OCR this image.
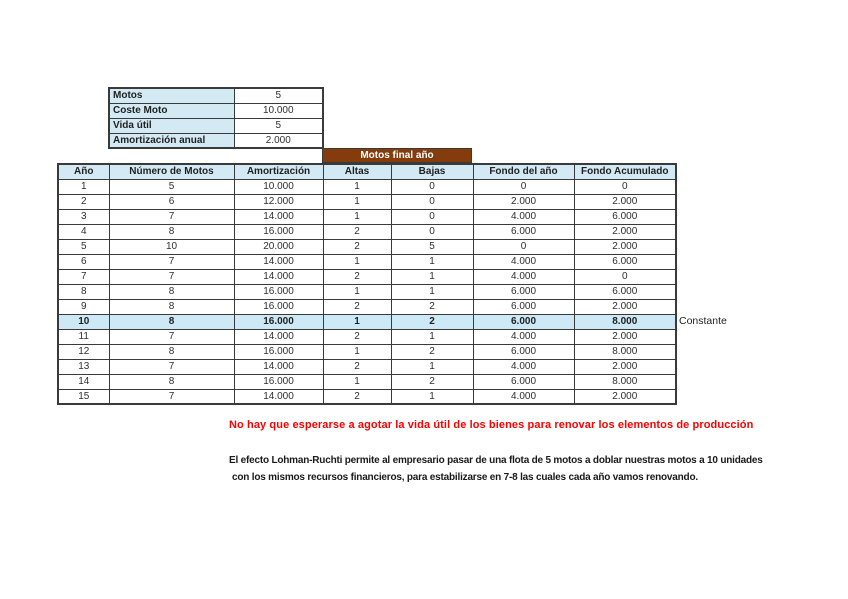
Motos	5
Coste Moto	10.000
Vida útil	5
Amortización anual	2.000
Motos final año
Año	Número de Motos	Amortización	Altas	Bajas	Fondo del año	Fondo Acumulado
1	5	10.000	1	0	0	0
2	6	12.000	1	0	2.000	2.000
3	7	14.000	1	0	4.000	6.000
4	8	16.000	2	0	6.000	2.000
5	10	20.000	2	5	0	2.000
6	7	14.000	1	1	4.000	6.000
7	7	14.000	2	1	4.000	0
8	8	16.000	1	1	6.000	6.000
9	8	16.000	2	2	6.000	2.000
10	8	16.000	1	2	6.000	8.000
11	7	14.000	2	1	4.000	2.000
12	8	16.000	1	2	6.000	8.000
13	7	14.000	2	1	4.000	2.000
14	8	16.000	1	2	6.000	8.000
15	7	14.000	2	1	4.000	2.000
Constante
No hay que esperarse a agotar la vida útil de los bienes para renovar los elementos de producción
El efecto Lohman-Ruchti permite al empresario pasar de una flota de 5 motos a doblar nuestras motos a 10 unidades
con los mismos recursos financieros, para estabilizarse en 7-8 las cuales cada año vamos renovando.
